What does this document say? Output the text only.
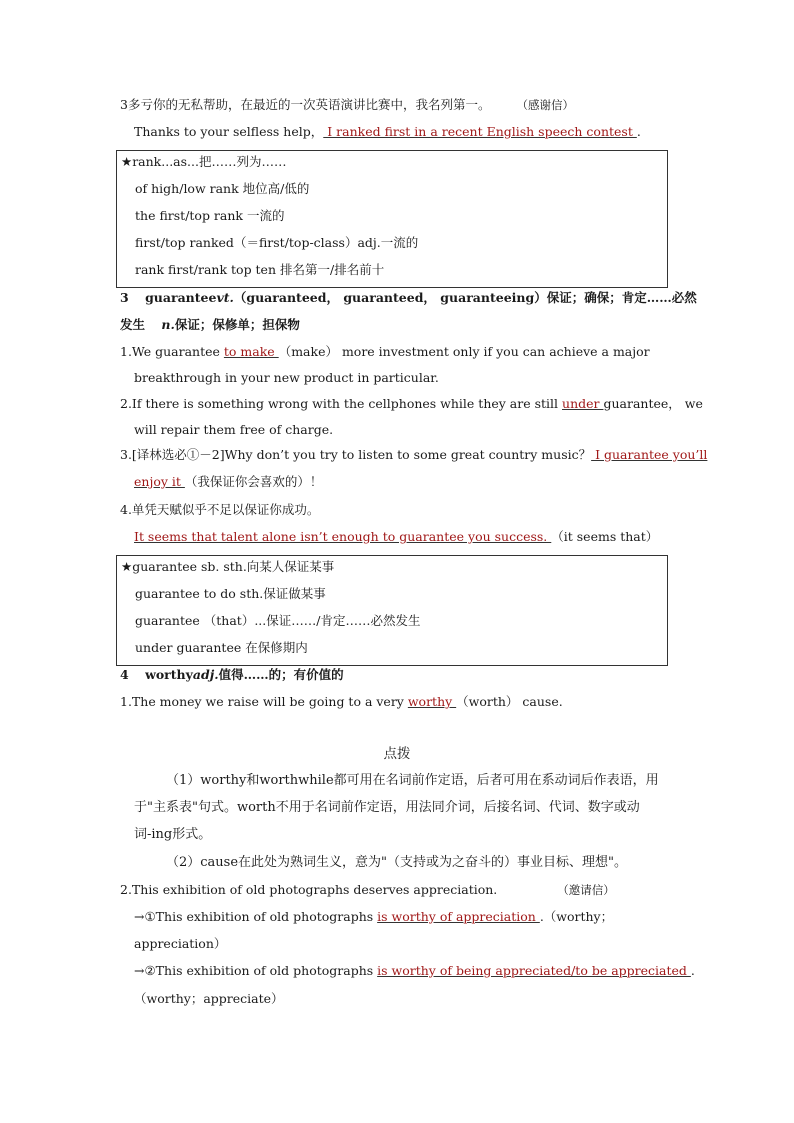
3多亏你的无私帮助，在最近的一次英语演讲比赛中，我名列第一。 （感谢信）
Thanks to your selfless help， I ranked first in a recent English speech contest .
★rank...as...把……列为……
of high/low rank 地位高/低的
the first/top rank 一流的
first/top ranked（＝first/top-class）adj.一流的
rank first/rank top ten 排名第一/排名前十
3 guaranteevt.（guaranteed， guaranteed， guaranteeing）保证；确保；肯定……必然
发生 n.保证；保修单；担保物
1.We guarantee to make （make） more investment only if you can achieve a major
breakthrough in your new product in particular.
2.If there is something wrong with the cellphones while they are still under guarantee， we
will repair them free of charge.
3.[译林选必①－2]Why don’t you try to listen to some great country music？ I guarantee you’ll
enjoy it （我保证你会喜欢的）！
4.单凭天赋似乎不足以保证你成功。
It seems that talent alone isn’t enough to guarantee you success. （it seems that）
★guarantee sb. sth.向某人保证某事
guarantee to do sth.保证做某事
guarantee （that）...保证……/肯定……必然发生
under guarantee 在保修期内
4 worthyadj.值得……的；有价值的
1.The money we raise will be going to a very worthy （worth） cause.
点拨
（1）worthy和worthwhile都可用在名词前作定语，后者可用在系动词后作表语，用
于"主系表"句式。worth不用于名词前作定语，用法同介词，后接名词、代词、数字或动
词-ing形式。
（2）cause在此处为熟词生义，意为"（支持或为之奋斗的）事业目标、理想"。
2.This exhibition of old photographs deserves appreciation.	（邀请信）
→①This exhibition of old photographs is worthy of appreciation .（worthy；
appreciation）
→②This exhibition of old photographs is worthy of being appreciated/to be appreciated .
（worthy；appreciate）
